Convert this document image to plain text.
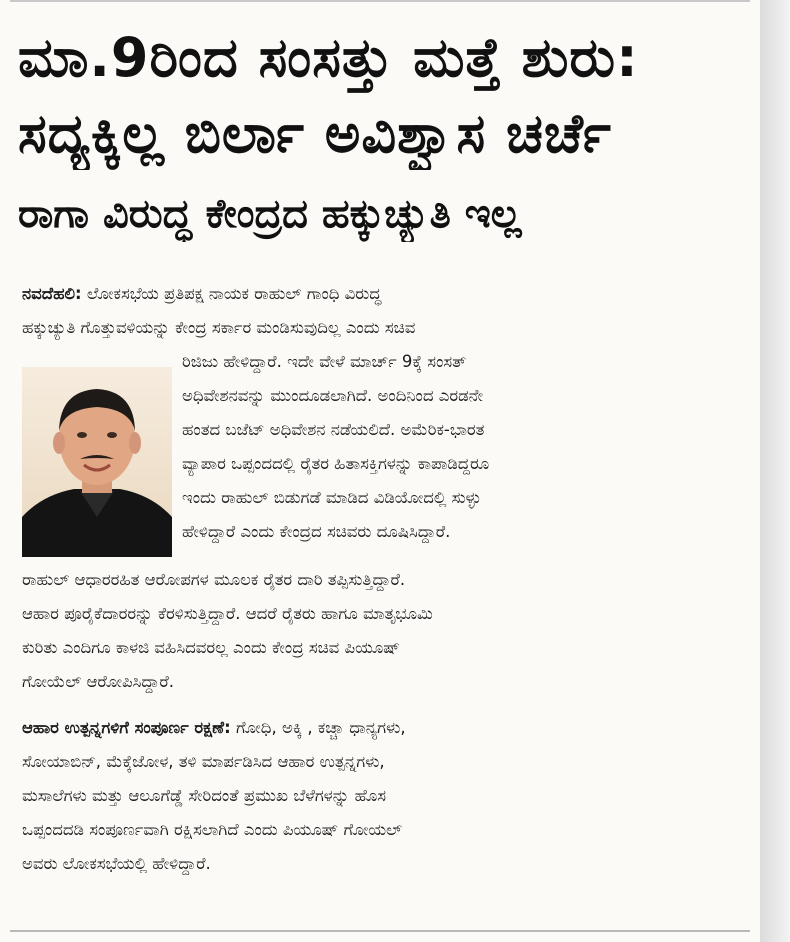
ಮಾ.9ರಿಂದ ಸಂಸತ್ತು ಮತ್ತೆ ಶುರು:
ಸದ್ಯಕ್ಕಿಲ್ಲ ಬಿರ್ಲಾ ಅವಿಶ್ವಾಸ ಚರ್ಚೆ
ರಾಗಾ ವಿರುದ್ಧ ಕೇಂದ್ರದ ಹಕ್ಕುಚ್ಯುತಿ ಇಲ್ಲ
ನವದೆಹಲಿ: ಲೋಕಸಭೆಯ ಪ್ರತಿಪಕ್ಷ ನಾಯಕ ರಾಹುಲ್ ಗಾಂಧಿ ವಿರುದ್ಧ
ಹಕ್ಕುಚ್ಯುತಿ ಗೊತ್ತುವಳಿಯನ್ನು ಕೇಂದ್ರ ಸರ್ಕಾರ ಮಂಡಿಸುವುದಿಲ್ಲ ಎಂದು ಸಚಿವ
ರಿಜಿಜು ಹೇಳಿದ್ದಾರೆ. ಇದೇ ವೇಳೆ ಮಾರ್ಚ್ 9ಕ್ಕೆ ಸಂಸತ್
ಅಧಿವೇಶನವನ್ನು ಮುಂದೂಡಲಾಗಿದೆ. ಅಂದಿನಿಂದ ಎರಡನೇ
ಹಂತದ ಬಜೆಟ್ ಅಧಿವೇಶನ ನಡೆಯಲಿದೆ. ಅಮೆರಿಕ-ಭಾರತ
ವ್ಯಾಪಾರ ಒಪ್ಪಂದದಲ್ಲಿ ರೈತರ ಹಿತಾಸಕ್ತಿಗಳನ್ನು ಕಾಪಾಡಿದ್ದರೂ
ಇಂದು ರಾಹುಲ್ ಬಿಡುಗಡೆ ಮಾಡಿದ ವಿಡಿಯೋದಲ್ಲಿ ಸುಳ್ಳು
ಹೇಳಿದ್ದಾರೆ ಎಂದು ಕೇಂದ್ರದ ಸಚಿವರು ದೂಷಿಸಿದ್ದಾರೆ.
ರಾಹುಲ್ ಆಧಾರರಹಿತ ಆರೋಪಗಳ ಮೂಲಕ ರೈತರ ದಾರಿ ತಪ್ಪಿಸುತ್ತಿದ್ದಾರೆ.
ಆಹಾರ ಪೂರೈಕೆದಾರರನ್ನು ಕೆರಳಿಸುತ್ತಿದ್ದಾರೆ. ಆದರೆ ರೈತರು ಹಾಗೂ ಮಾತೃಭೂಮಿ
ಕುರಿತು ಎಂದಿಗೂ ಕಾಳಜಿ ವಹಿಸಿದವರಲ್ಲ ಎಂದು ಕೇಂದ್ರ ಸಚಿವ ಪಿಯೂಷ್
ಗೋಯೆಲ್ ಆರೋಪಿಸಿದ್ದಾರೆ.
ಆಹಾರ ಉತ್ಪನ್ನಗಳಿಗೆ ಸಂಪೂರ್ಣ ರಕ್ಷಣೆ: ಗೋಧಿ, ಅಕ್ಕಿ , ಕಚ್ಚಾ ಧಾನ್ಯಗಳು,
ಸೋಯಾಬಿನ್, ಮೆಕ್ಕೆಜೋಳ, ತಳಿ ಮಾರ್ಪಡಿಸಿದ ಆಹಾರ ಉತ್ಪನ್ನಗಳು,
ಮಸಾಲೆಗಳು ಮತ್ತು ಆಲೂಗೆಡ್ಡೆ ಸೇರಿದಂತೆ ಪ್ರಮುಖ ಬೆಳೆಗಳನ್ನು ಹೊಸ
ಒಪ್ಪಂದದಡಿ ಸಂಪೂರ್ಣವಾಗಿ ರಕ್ಷಿಸಲಾಗಿದೆ ಎಂದು ಪಿಯೂಷ್ ಗೋಯಲ್
ಅವರು ಲೋಕಸಭೆಯಲ್ಲಿ ಹೇಳಿದ್ದಾರೆ.
